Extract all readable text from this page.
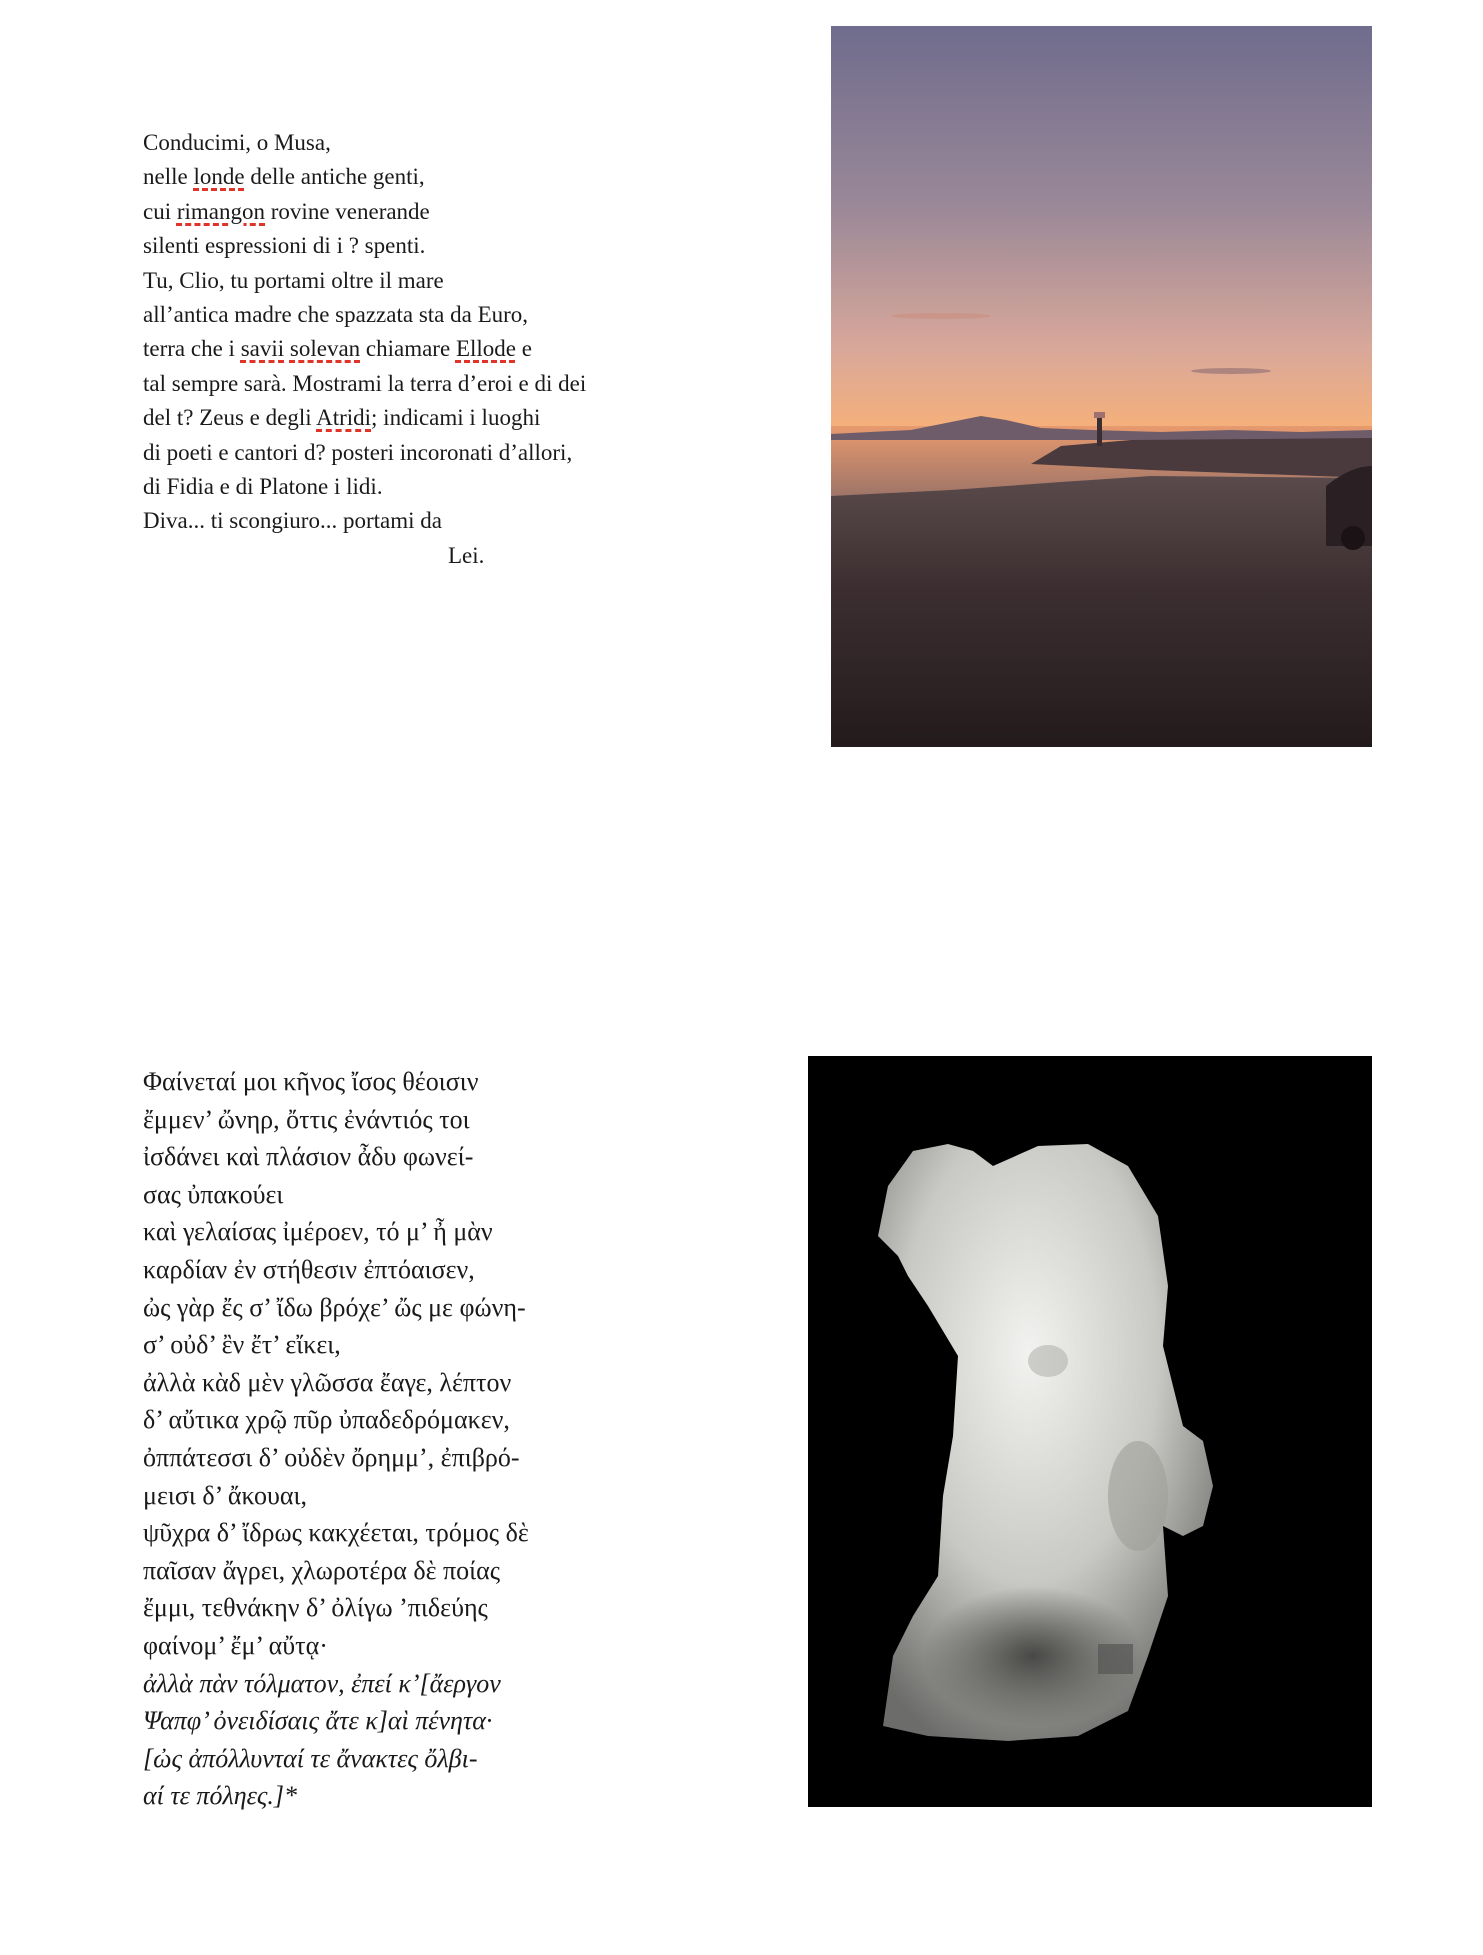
Conducimi, o Musa,
nelle londe delle antiche genti,
cui rimangon rovine venerande
silenti espressioni di i ? spenti.
Tu, Clio, tu portami oltre il mare
all’antica madre che spazzata sta da Euro,
terra che i savii solevan chiamare Ellode e
tal sempre sarà. Mostrami la terra d’eroi e di dei
del t? Zeus e degli Atridi; indicami i luoghi
di poeti e cantori d? posteri incoronati d’allori,
di Fidia e di Platone i lidi.
Diva... ti scongiuro... portami da
Lei.
Φαίνεταί μοι κῆνος ἴσος θέοισιν
ἔμμεν’ ὤνηρ, ὄττις ἐνάντιός τοι
ἰσδάνει καὶ πλάσιον ἆδυ φωνεί-
σας ὐπακούει
καὶ γελαίσας ἰμέροεν, τό μ’ ἦ μὰν
καρδίαν ἐν στήθεσιν ἐπτόαισεν,
ὠς γὰρ ἔς σ’ ἴδω βρόχε’ ὤς με φώνη-
σ’ οὐδ’ ἒν ἔτ’ εἴκει,
ἀλλὰ κὰδ μὲν γλῶσσα ἔαγε, λέπτον
δ’ αὔτικα χρῷ πῦρ ὐπαδεδρόμακεν,
ὀππάτεσσι δ’ οὐδὲν ὄρημμ’, ἐπιβρό-
μεισι δ’ ἄκουαι,
ψῦχρα δ’ ἴδρως κακχέεται, τρόμος δὲ
παῖσαν ἄγρει, χλωροτέρα δὲ ποίας
ἔμμι, τεθνάκην δ’ ὀλίγω ’πιδεύης
φαίνομ’ ἔμ’ αὔτᾳ·
ἀλλὰ πὰν τόλματον, ἐπεί κ’[ἄεργον
Ψαπφ’ ὀνειδίσαις ἄτε κ]αὶ πένητα·
[ὠς ἀπόλλυνταί τε ἄνακτες ὄλβι-
αί τε πόληες.]*
